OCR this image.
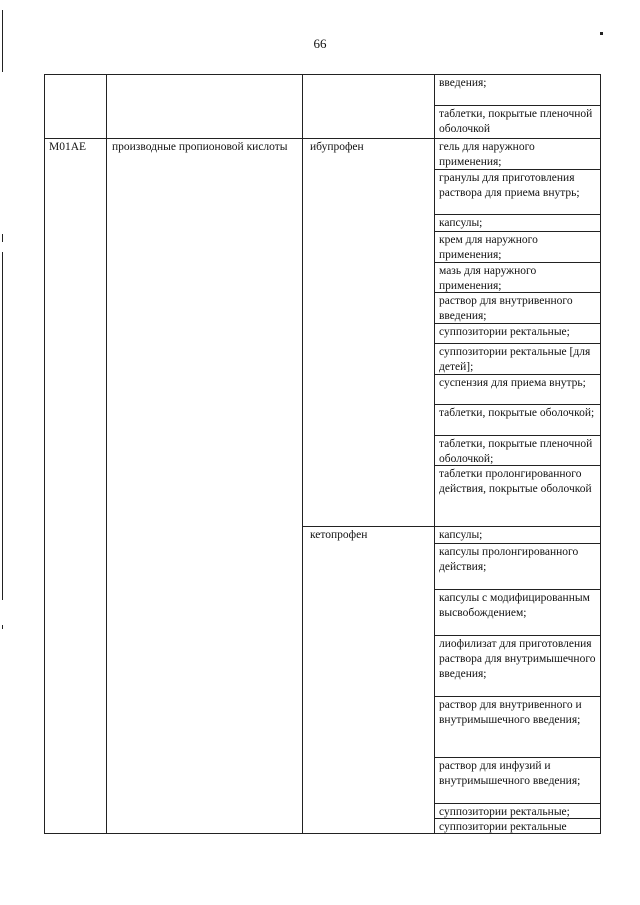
66
введения;
таблетки, покрытые пленочной оболочкой
M01AE	производные пропионовой кислоты	ибупрофен	гель для наружного применения;
гранулы для приготовления раствора для приема внутрь;
капсулы;
крем для наружного применения;
мазь для наружного применения;
раствор для внутривенного введения;
суппозитории ректальные;
суппозитории ректальные [для детей];
суспензия для приема внутрь;
таблетки, покрытые оболочкой;
таблетки, покрытые пленочной оболочкой;
таблетки пролонгированного действия, покрытые оболочкой
кетопрофен	капсулы;
капсулы пролонгированного действия;
капсулы с модифицированным высвобождением;
лиофилизат для приготовления раствора для внутримышечного введения;
раствор для внутривенного и внутримышечного введения;
раствор для инфузий и внутримышечного введения;
суппозитории ректальные;
суппозитории ректальные
